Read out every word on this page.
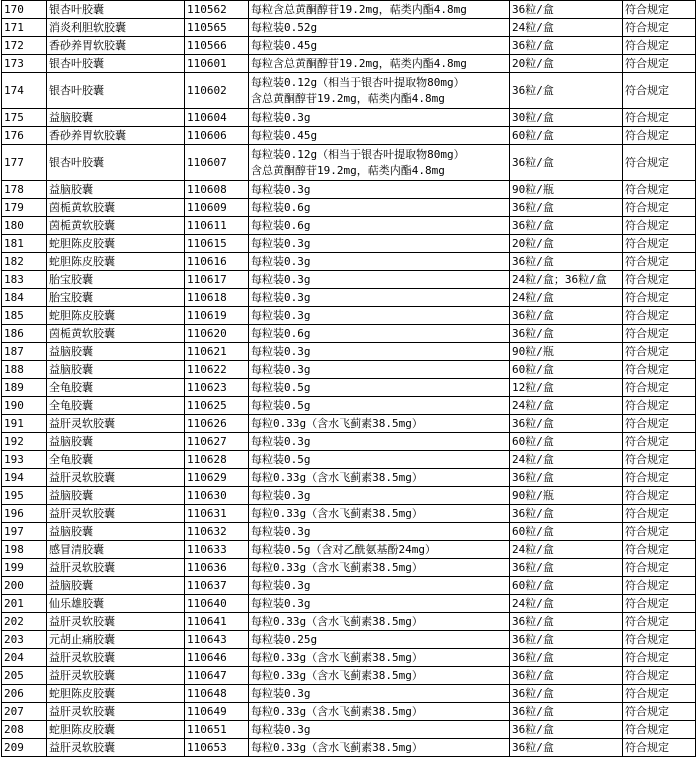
170	银杏叶胶囊	110562	每粒含总黄酮醇苷19.2mg，萜类内酯4.8mg	36粒/盒	符合规定
171	消炎利胆软胶囊	110565	每粒装0.52g	24粒/盒	符合规定
172	香砂养胃软胶囊	110566	每粒装0.45g	36粒/盒	符合规定
173	银杏叶胶囊	110601	每粒含总黄酮醇苷19.2mg，萜类内酯4.8mg	20粒/盒	符合规定
174	银杏叶胶囊	110602	每粒装0.12g（相当于银杏叶提取物80mg）
含总黄酮醇苷19.2mg，萜类内酯4.8mg	36粒/盒	符合规定
175	益脑胶囊	110604	每粒装0.3g	30粒/盒	符合规定
176	香砂养胃软胶囊	110606	每粒装0.45g	60粒/盒	符合规定
177	银杏叶胶囊	110607	每粒装0.12g（相当于银杏叶提取物80mg）
含总黄酮醇苷19.2mg，萜类内酯4.8mg	36粒/盒	符合规定
178	益脑胶囊	110608	每粒装0.3g	90粒/瓶	符合规定
179	茵栀黄软胶囊	110609	每粒装0.6g	36粒/盒	符合规定
180	茵栀黄软胶囊	110611	每粒装0.6g	36粒/盒	符合规定
181	蛇胆陈皮胶囊	110615	每粒装0.3g	20粒/盒	符合规定
182	蛇胆陈皮胶囊	110616	每粒装0.3g	36粒/盒	符合规定
183	胎宝胶囊	110617	每粒装0.3g	24粒/盒；36粒/盒	符合规定
184	胎宝胶囊	110618	每粒装0.3g	24粒/盒	符合规定
185	蛇胆陈皮胶囊	110619	每粒装0.3g	36粒/盒	符合规定
186	茵栀黄软胶囊	110620	每粒装0.6g	36粒/盒	符合规定
187	益脑胶囊	110621	每粒装0.3g	90粒/瓶	符合规定
188	益脑胶囊	110622	每粒装0.3g	60粒/盒	符合规定
189	全龟胶囊	110623	每粒装0.5g	12粒/盒	符合规定
190	全龟胶囊	110625	每粒装0.5g	24粒/盒	符合规定
191	益肝灵软胶囊	110626	每粒0.33g（含水飞蓟素38.5mg）	36粒/盒	符合规定
192	益脑胶囊	110627	每粒装0.3g	60粒/盒	符合规定
193	全龟胶囊	110628	每粒装0.5g	24粒/盒	符合规定
194	益肝灵软胶囊	110629	每粒0.33g（含水飞蓟素38.5mg）	36粒/盒	符合规定
195	益脑胶囊	110630	每粒装0.3g	90粒/瓶	符合规定
196	益肝灵软胶囊	110631	每粒0.33g（含水飞蓟素38.5mg）	36粒/盒	符合规定
197	益脑胶囊	110632	每粒装0.3g	60粒/盒	符合规定
198	感冒清胶囊	110633	每粒装0.5g（含对乙酰氨基酚24mg）	24粒/盒	符合规定
199	益肝灵软胶囊	110636	每粒0.33g（含水飞蓟素38.5mg）	36粒/盒	符合规定
200	益脑胶囊	110637	每粒装0.3g	60粒/盒	符合规定
201	仙乐雄胶囊	110640	每粒装0.3g	24粒/盒	符合规定
202	益肝灵软胶囊	110641	每粒0.33g（含水飞蓟素38.5mg）	36粒/盒	符合规定
203	元胡止痛胶囊	110643	每粒装0.25g	36粒/盒	符合规定
204	益肝灵软胶囊	110646	每粒0.33g（含水飞蓟素38.5mg）	36粒/盒	符合规定
205	益肝灵软胶囊	110647	每粒0.33g（含水飞蓟素38.5mg）	36粒/盒	符合规定
206	蛇胆陈皮胶囊	110648	每粒装0.3g	36粒/盒	符合规定
207	益肝灵软胶囊	110649	每粒0.33g（含水飞蓟素38.5mg）	36粒/盒	符合规定
208	蛇胆陈皮胶囊	110651	每粒装0.3g	36粒/盒	符合规定
209	益肝灵软胶囊	110653	每粒0.33g（含水飞蓟素38.5mg）	36粒/盒	符合规定
